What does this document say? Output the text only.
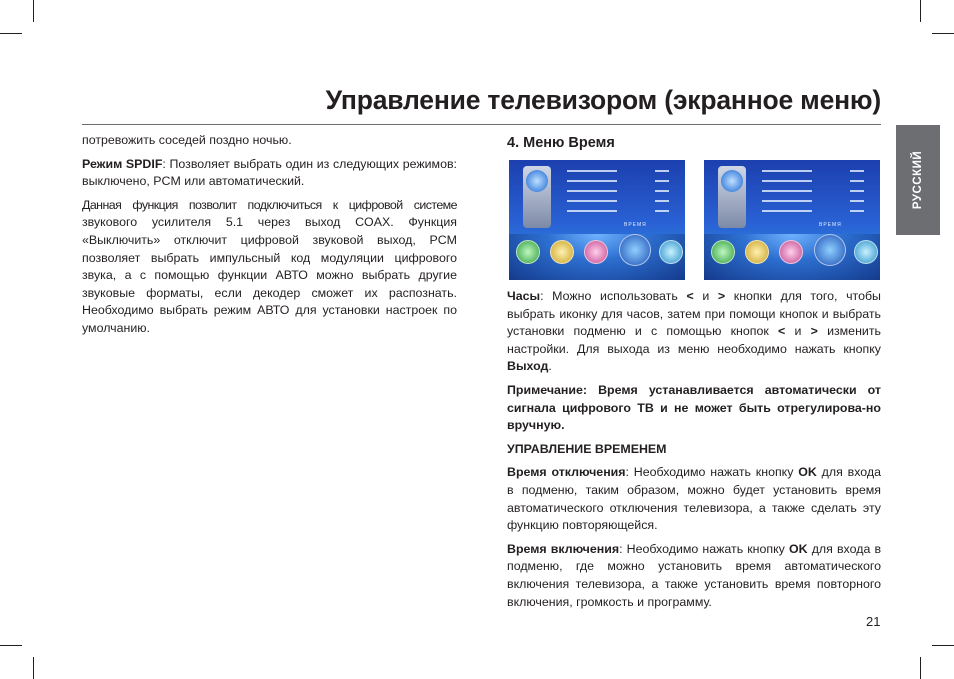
Управление телевизором (экранное меню)
РУССКИЙ

потревожить соседей поздно ночью.

Режим SPDIF: Позволяет выбрать один из следующих режимов: выключено, PCM или автоматический.

Данная функция позволит подключиться к цифровой системе звукового усилителя 5.1 через выход COAX. Функция «Выключить» отключит цифровой звуковой выход, PCM позволяет выбрать импульсный код модуляции цифрового звука, а с помощью функции АВТО можно выбрать другие звуковые форматы, если декодер сможет их распознать. Необходимо выбрать режим АВТО для установки настроек по умолчанию.

4. Меню Время
ВРЕМЯ	ВРЕМЯ

Часы: Можно использовать < и > кнопки для того, чтобы выбрать иконку для часов, затем при помощи кнопок и выбрать установки подменю и с помощью кнопок < и > изменить настройки. Для выхода из меню необходимо нажать кнопку Выход.

Примечание: Время устанавливается автоматически от сигнала цифрового ТВ и не может быть отрегулирова-но вручную.

УПРАВЛЕНИЕ ВРЕМЕНЕМ

Время отключения: Необходимо нажать кнопку OK для входа в подменю, таким образом, можно будет установить время автоматического отключения телевизора, а также сделать эту функцию повторяющейся.

Время включения: Необходимо нажать кнопку OK для входа в подменю, где можно установить время автоматического включения телевизора, а также установить время повторного включения, громкость и программу.

21
